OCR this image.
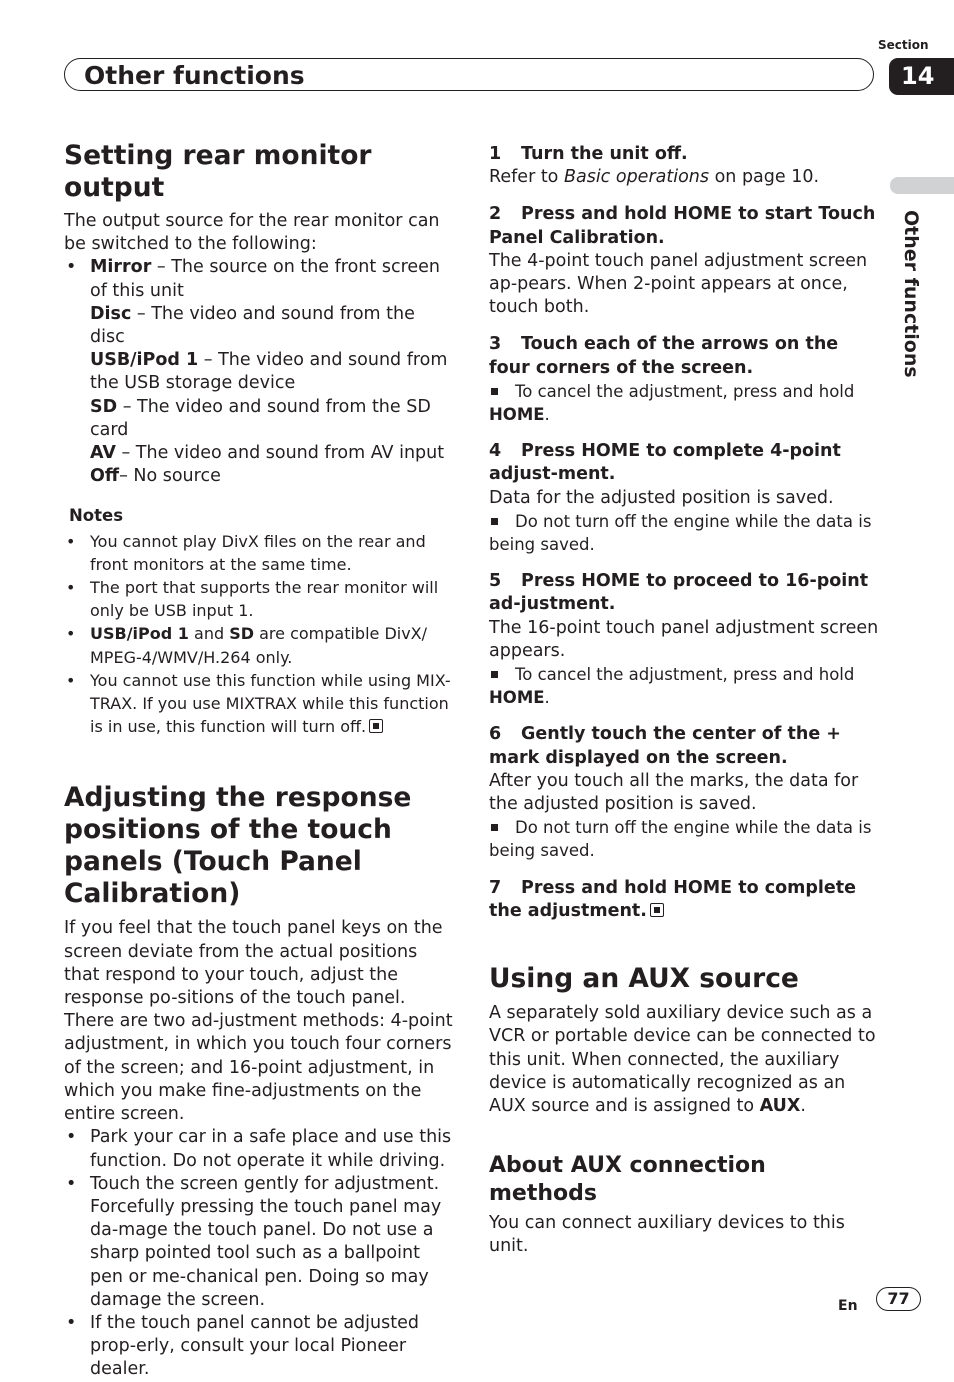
Section
Other functions	14
Other functions
Setting rear monitor output

The output source for the rear monitor can be switched to the following:

• Mirror – The source on the front screen of this unit
Disc – The video and sound from the disc
USB/iPod 1 – The video and sound from the USB storage device
SD – The video and sound from the SD card
AV – The video and sound from AV input
Off– No source
Notes
• You cannot play DivX files on the rear and front monitors at the same time.
• The port that supports the rear monitor will only be USB input 1.
• USB/iPod 1 and SD are compatible DivX/ MPEG-4/WMV/H.264 only.
• You cannot use this function while using MIX-TRAX. If you use MIXTRAX while this function is in use, this function will turn off.
Adjusting the response positions of the touch panels (Touch Panel Calibration)

If you feel that the touch panel keys on the screen deviate from the actual positions that respond to your touch, adjust the response po-sitions of the touch panel. There are two ad-justment methods: 4-point adjustment, in which you touch four corners of the screen; and 16-point adjustment, in which you make fine-adjustments on the entire screen.

• Park your car in a safe place and use this function. Do not operate it while driving.
• Touch the screen gently for adjustment. Forcefully pressing the touch panel may da-mage the touch panel. Do not use a sharp pointed tool such as a ballpoint pen or me-chanical pen. Doing so may damage the screen.
• If the touch panel cannot be adjusted prop-erly, consult your local Pioneer dealer.
1 Turn the unit off.

Refer to Basic operations on page 10.

2 Press and hold HOME to start Touch Panel Calibration.

The 4-point touch panel adjustment screen ap-pears. When 2-point appears at once, touch both.

3 Touch each of the arrows on the four corners of the screen.

To cancel the adjustment, press and hold HOME.

4 Press HOME to complete 4-point adjust-ment.

Data for the adjusted position is saved.

Do not turn off the engine while the data is being saved.

5 Press HOME to proceed to 16-point ad-justment.

The 16-point touch panel adjustment screen appears.

To cancel the adjustment, press and hold HOME.

6 Gently touch the center of the + mark displayed on the screen.

After you touch all the marks, the data for the adjusted position is saved.

Do not turn off the engine while the data is being saved.

7 Press and hold HOME to complete the adjustment.
Using an AUX source

A separately sold auxiliary device such as a VCR or portable device can be connected to this unit. When connected, the auxiliary device is automatically recognized as an AUX source and is assigned to AUX.

About AUX connection methods

You can connect auxiliary devices to this unit.

En	77
